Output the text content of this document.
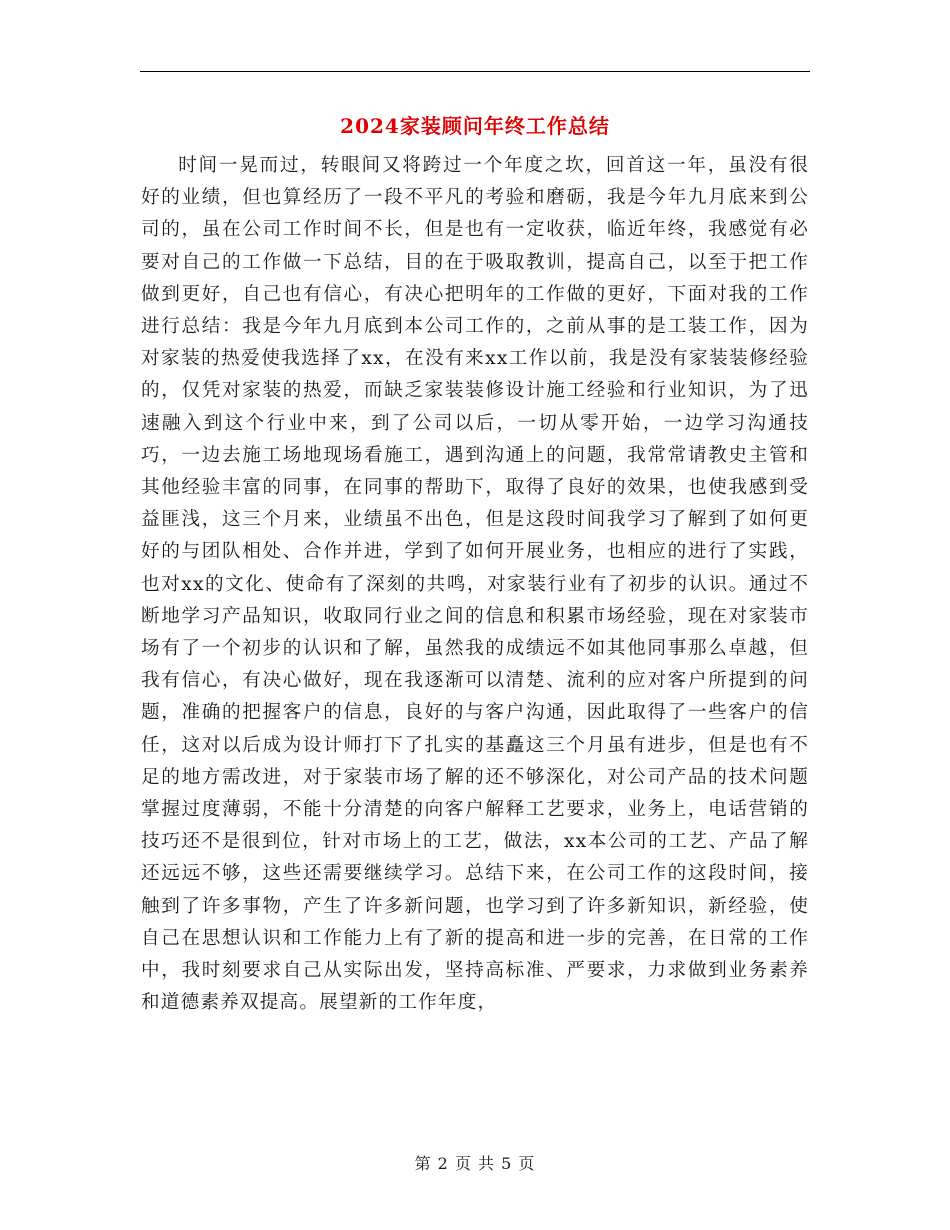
2024家装顾问年终工作总结

时间一晃而过，转眼间又将跨过一个年度之坎，回首这一年，虽没有很好的业绩，但也算经历了一段不平凡的考验和磨砺，我是今年九月底来到公司的，虽在公司工作时间不长，但是也有一定收获，临近年终，我感觉有必要对自己的工作做一下总结，目的在于吸取教训，提高自己，以至于把工作做到更好，自己也有信心，有决心把明年的工作做的更好，下面对我的工作进行总结：我是今年九月底到本公司工作的，之前从事的是工装工作，因为对家装的热爱使我选择了xx，在没有来xx工作以前，我是没有家装装修经验的，仅凭对家装的热爱，而缺乏家装装修设计施工经验和行业知识，为了迅速融入到这个行业中来，到了公司以后，一切从零开始，一边学习沟通技巧，一边去施工场地现场看施工，遇到沟通上的问题，我常常请教史主管和其他经验丰富的同事，在同事的帮助下，取得了良好的效果，也使我感到受益匪浅，这三个月来，业绩虽不出色，但是这段时间我学习了解到了如何更好的与团队相处、合作并进，学到了如何开展业务，也相应的进行了实践，也对xx的文化、使命有了深刻的共鸣，对家装行业有了初步的认识。通过不断地学习产品知识，收取同行业之间的信息和积累市场经验，现在对家装市场有了一个初步的认识和了解，虽然我的成绩远不如其他同事那么卓越，但我有信心，有决心做好，现在我逐渐可以清楚、流利的应对客户所提到的问题，准确的把握客户的信息，良好的与客户沟通，因此取得了一些客户的信任，这对以后成为设计师打下了扎实的基矗这三个月虽有进步，但是也有不足的地方需改进，对于家装市场了解的还不够深化，对公司产品的技术问题掌握过度薄弱，不能十分清楚的向客户解释工艺要求，业务上，电话营销的技巧还不是很到位，针对市场上的工艺，做法，xx本公司的工艺、产品了解还远远不够，这些还需要继续学习。总结下来，在公司工作的这段时间，接触到了许多事物，产生了许多新问题，也学习到了许多新知识，新经验，使自己在思想认识和工作能力上有了新的提高和进一步的完善，在日常的工作中，我时刻要求自己从实际出发，坚持高标准、严要求，力求做到业务素养和道德素养双提高。展望新的工作年度，

第 2 页 共 5 页
